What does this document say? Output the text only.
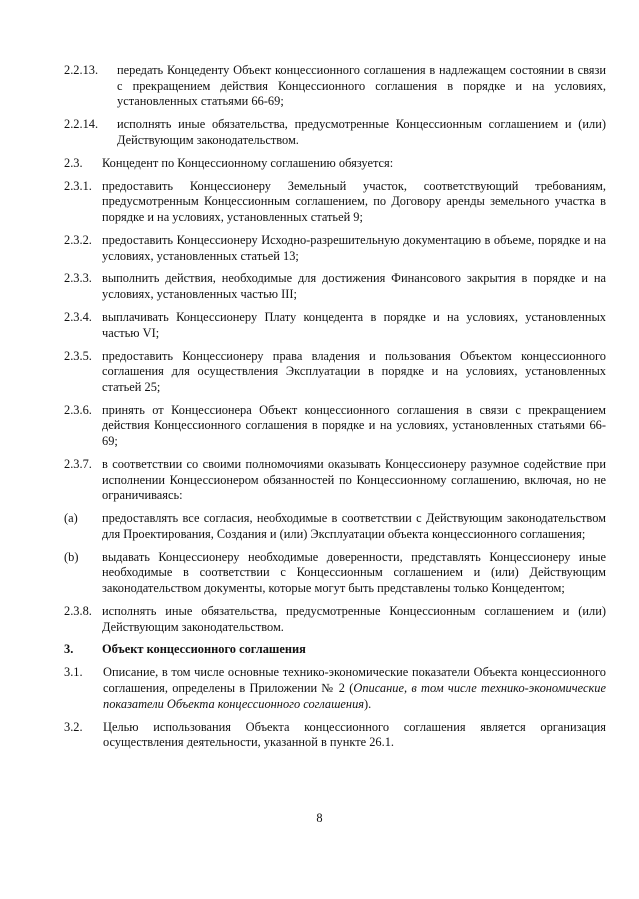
2.2.13.	передать Концеденту Объект концессионного соглашения в надлежащем состоянии в связи с прекращением действия Концессионного соглашения в порядке и на условиях, установленных статьями 66-69;
2.2.14.	исполнять иные обязательства, предусмотренные Концессионным соглашением и (или) Действующим законодательством.
2.3.	Концедент по Концессионному соглашению обязуется:
2.3.1. предоставить Концессионеру Земельный участок, соответствующий требованиям, предусмотренным Концессионным соглашением, по Договору аренды земельного участка в порядке и на условиях, установленных статьей 9;
2.3.2. предоставить Концессионеру Исходно-разрешительную документацию в объеме, порядке и на условиях, установленных статьей 13;
2.3.3. выполнить действия, необходимые для достижения Финансового закрытия в порядке и на условиях, установленных частью III;
2.3.4. выплачивать Концессионеру Плату концедента в порядке и на условиях, установленных частью VI;
2.3.5. предоставить Концессионеру права владения и пользования Объектом концессионного соглашения для осуществления Эксплуатации в порядке и на условиях, установленных статьей 25;
2.3.6. принять от Концессионера Объект концессионного соглашения в связи с прекращением действия Концессионного соглашения в порядке и на условиях, установленных статьями 66-69;
2.3.7. в соответствии со своими полномочиями оказывать Концессионеру разумное содействие при исполнении Концессионером обязанностей по Концессионному соглашению, включая, но не ограничиваясь:
(a)	предоставлять все согласия, необходимые в соответствии с Действующим законодательством для Проектирования, Создания и (или) Эксплуатации объекта концессионного соглашения;
(b)	выдавать Концессионеру необходимые доверенности, представлять Концессионеру иные необходимые в соответствии с Концессионным соглашением и (или) Действующим законодательством документы, которые могут быть представлены только Концедентом;
2.3.8. исполнять иные обязательства, предусмотренные Концессионным соглашением и (или) Действующим законодательством.
3.	Объект концессионного соглашения
3.1.	Описание, в том числе основные технико-экономические показатели Объекта концессионного соглашения, определены в Приложении № 2 (Описание, в том числе технико-экономические показатели Объекта концессионного соглашения).
3.2.	Целью использования Объекта концессионного соглашения является организация осуществления деятельности, указанной в пункте 26.1.
8
